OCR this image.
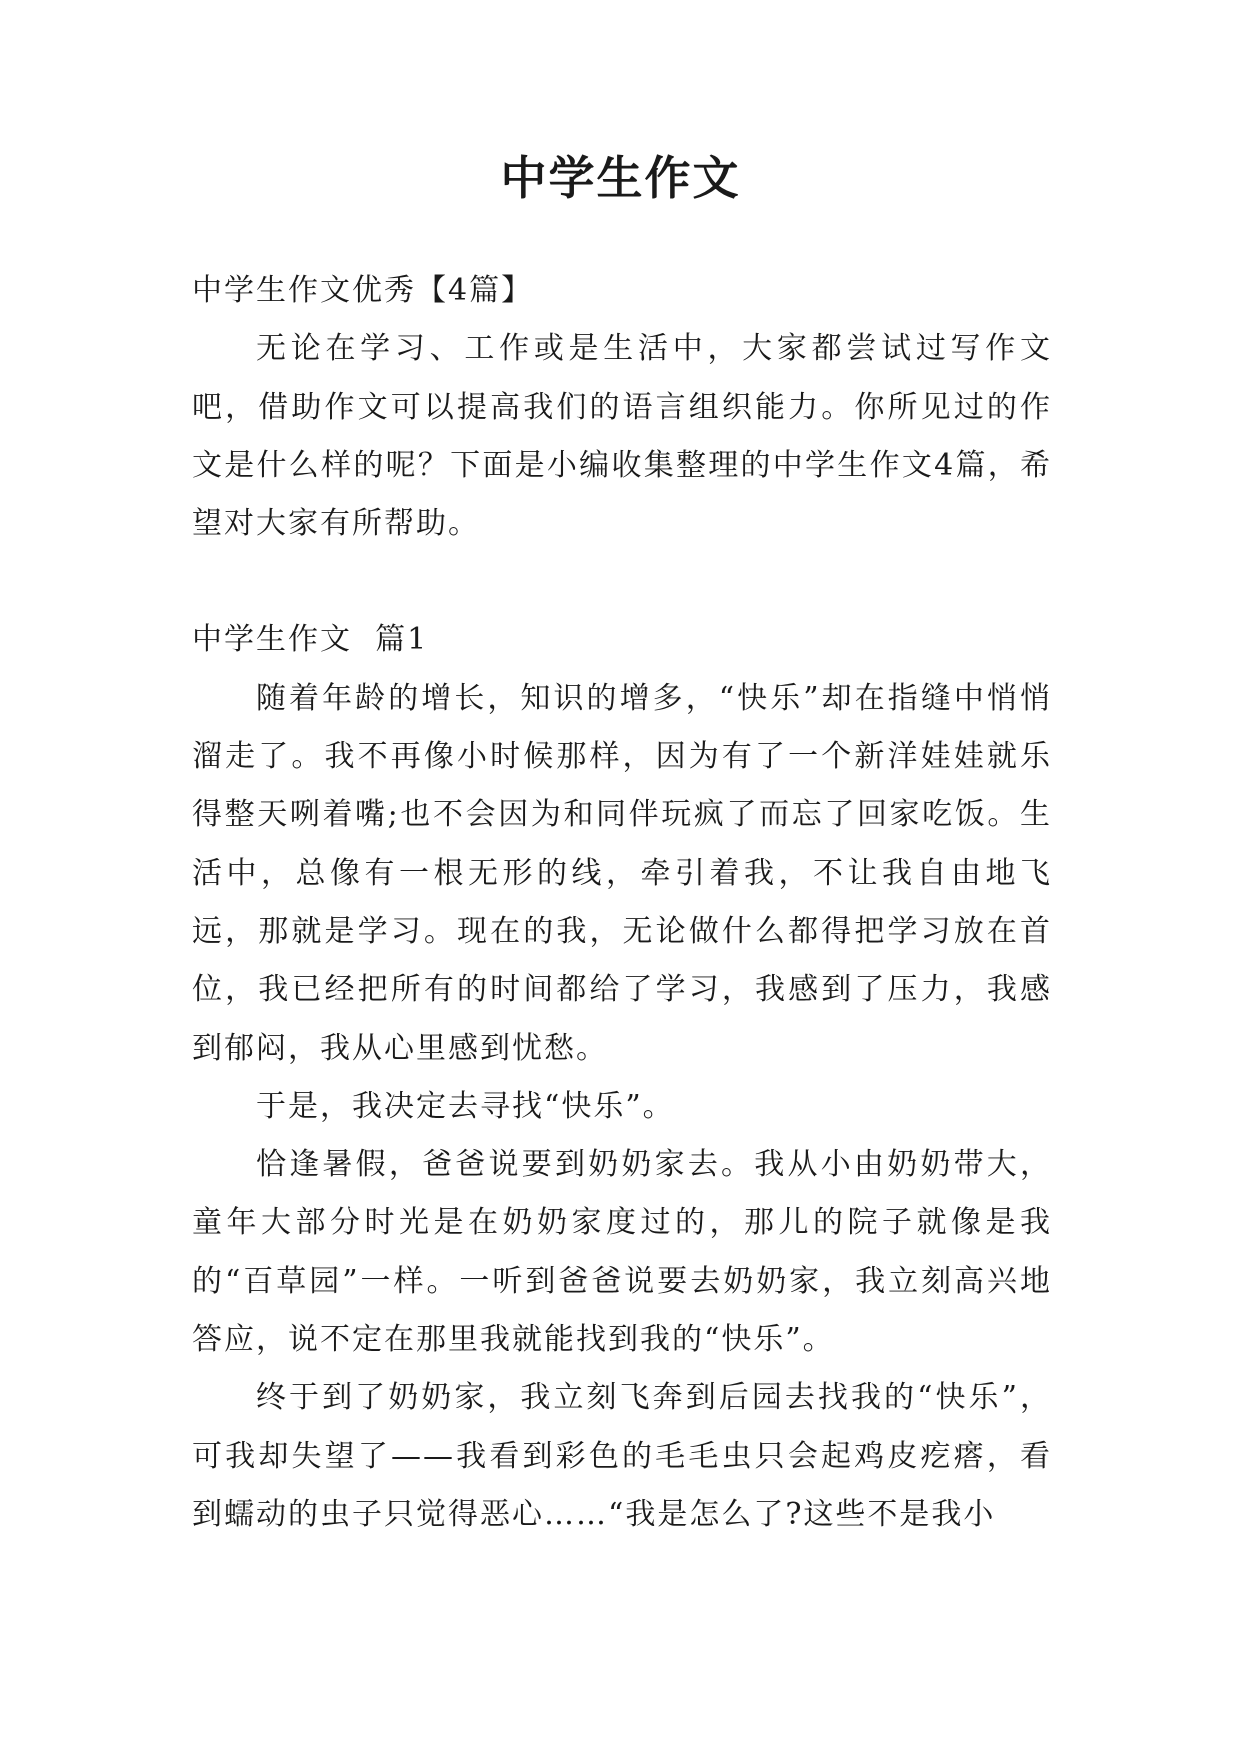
中学生作文

中学生作文优秀【4篇】

无论在学习、工作或是生活中，大家都尝试过写作文吧，借助作文可以提高我们的语言组织能力。你所见过的作文是什么样的呢？下面是小编收集整理的中学生作文4篇，希望对大家有所帮助。

中学生作文  篇1

随着年龄的增长，知识的增多，“快乐”却在指缝中悄悄溜走了。我不再像小时候那样，因为有了一个新洋娃娃就乐得整天咧着嘴;也不会因为和同伴玩疯了而忘了回家吃饭。生活中，总像有一根无形的线，牵引着我，不让我自由地飞远，那就是学习。现在的我，无论做什么都得把学习放在首位，我已经把所有的时间都给了学习，我感到了压力，我感到郁闷，我从心里感到忧愁。

于是，我决定去寻找“快乐”。

恰逢暑假，爸爸说要到奶奶家去。我从小由奶奶带大，童年大部分时光是在奶奶家度过的，那儿的院子就像是我的“百草园”一样。一听到爸爸说要去奶奶家，我立刻高兴地答应，说不定在那里我就能找到我的“快乐”。

终于到了奶奶家，我立刻飞奔到后园去找我的“快乐”，可我却失望了——我看到彩色的毛毛虫只会起鸡皮疙瘩，看到蠕动的虫子只觉得恶心……“我是怎么了?这些不是我小
